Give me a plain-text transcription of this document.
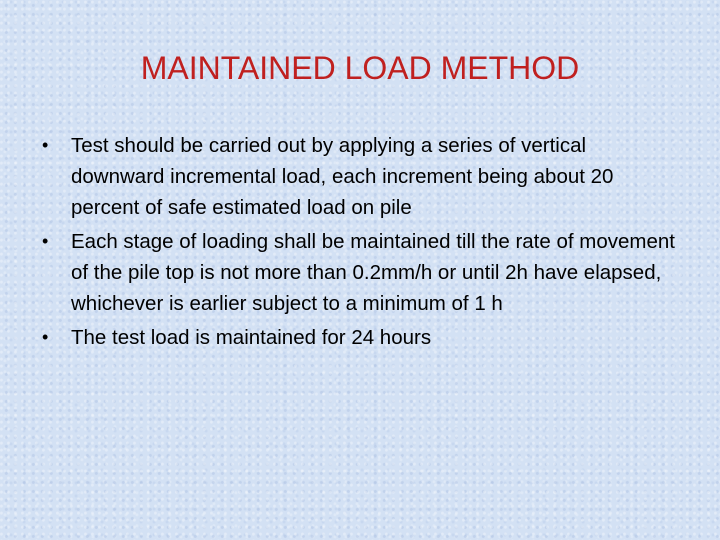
MAINTAINED LOAD METHOD
•	Test should be carried out by applying a series of vertical downward incremental load, each increment being about 20 percent of safe estimated load on pile
•	Each stage of loading shall be maintained till the rate of movement of the pile top is not more than 0.2mm/h or until 2h have elapsed, whichever is earlier subject to a minimum of 1 h
•	The test load is maintained for 24 hours
